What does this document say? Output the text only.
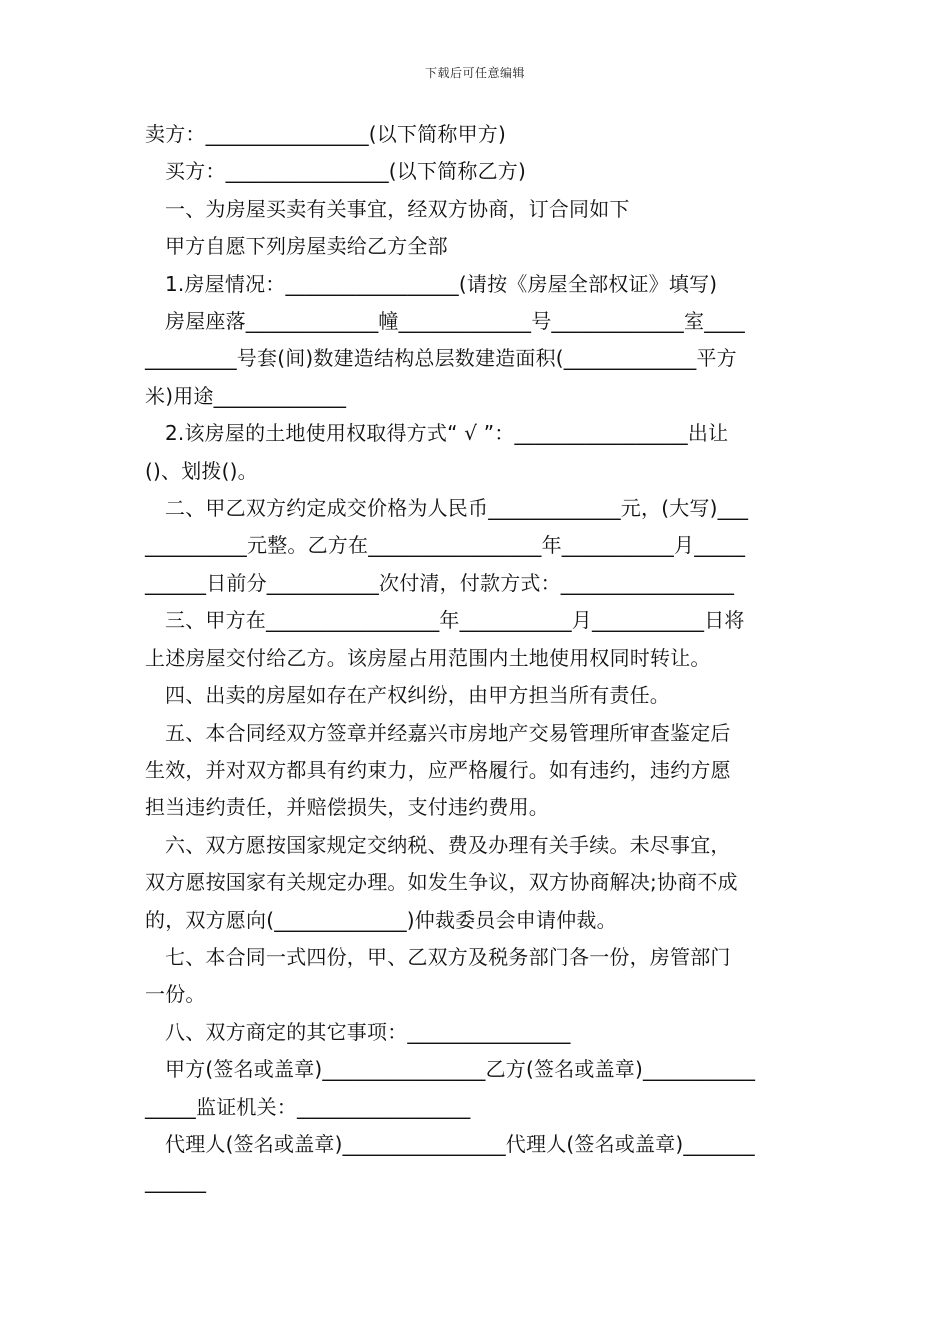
下载后可任意编辑

卖方：________________(以下简称甲方)

买方：________________(以下简称乙方)

一、为房屋买卖有关事宜，经双方协商，订合同如下

甲方自愿下列房屋卖给乙方全部

1.房屋情况：_________________(请按《房屋全部权证》填写)

房屋座落_____________幢_____________号_____________室____
_________号套(间)数建造结构总层数建造面积(_____________平方
米)用途_____________

2.该房屋的土地使用权取得方式“ √ ”：_________________出让
()、划拨()。

二、甲乙双方约定成交价格为人民币_____________元，(大写)___
__________元整。乙方在_________________年___________月_____
______日前分___________次付清，付款方式：_________________

三、甲方在_________________年___________月___________日将
上述房屋交付给乙方。该房屋占用范围内土地使用权同时转让。

四、出卖的房屋如存在产权纠纷，由甲方担当所有责任。

五、本合同经双方签章并经嘉兴市房地产交易管理所审查鉴定后
生效，并对双方都具有约束力，应严格履行。如有违约，违约方愿
担当违约责任，并赔偿损失，支付违约费用。

六、双方愿按国家规定交纳税、费及办理有关手续。未尽事宜，
双方愿按国家有关规定办理。如发生争议，双方协商解决;协商不成
的，双方愿向(_____________)仲裁委员会申请仲裁。

七、本合同一式四份，甲、乙双方及税务部门各一份，房管部门
一份。

八、双方商定的其它事项：________________

甲方(签名或盖章)________________乙方(签名或盖章)___________
_____监证机关：_________________

代理人(签名或盖章)________________代理人(签名或盖章)_______
______
